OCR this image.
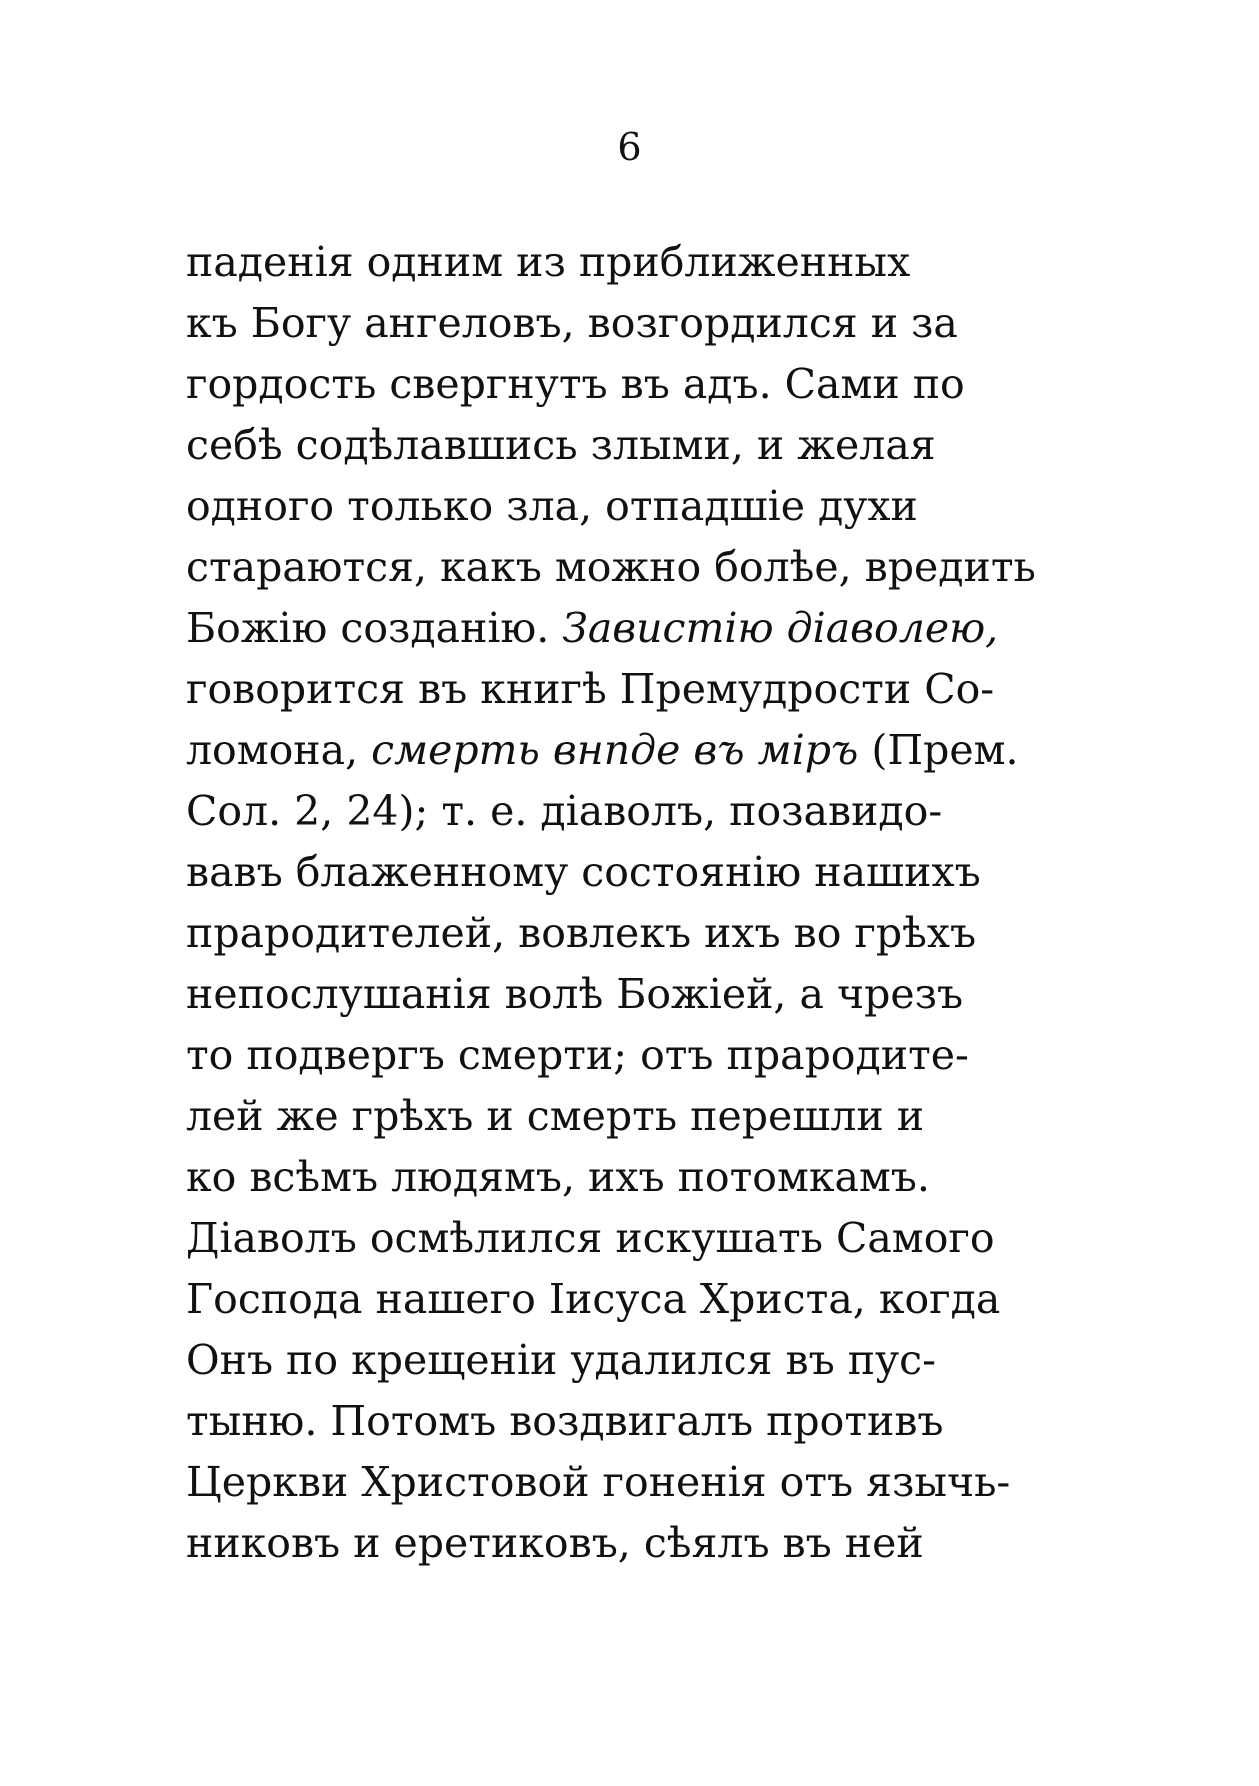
6
паденія одним из приближенных
къ Богу ангеловъ, возгордился и за
гордость свергнутъ въ адъ. Сами по
себѣ содѣлавшись злыми, и желая
одного только зла, отпадшіе духи
стараются, какъ можно болѣе, вредить
Божію созданію. Завистію діаволею,
говорится въ книгѣ Премудрости Со-
ломона, смерть внпде въ міръ (Прем.
Сол. 2, 24); т. е. діаволъ, позавидо-
вавъ блаженному состоянію нашихъ
прародителей, вовлекъ ихъ во грѣхъ
непослушанія волѣ Божіей, а чрезъ
то подвергъ смерти; отъ прародите-
лей же грѣхъ и смерть перешли и
ко всѣмъ людямъ, ихъ потомкамъ.
Діаволъ осмѣлился искушать Самого
Господа нашего Іисуса Христа, когда
Онъ по крещеніи удалился въ пус-
тыню. Потомъ воздвигалъ противъ
Церкви Христовой гоненія отъ язычь-
никовъ и еретиковъ, сѣялъ въ ней
